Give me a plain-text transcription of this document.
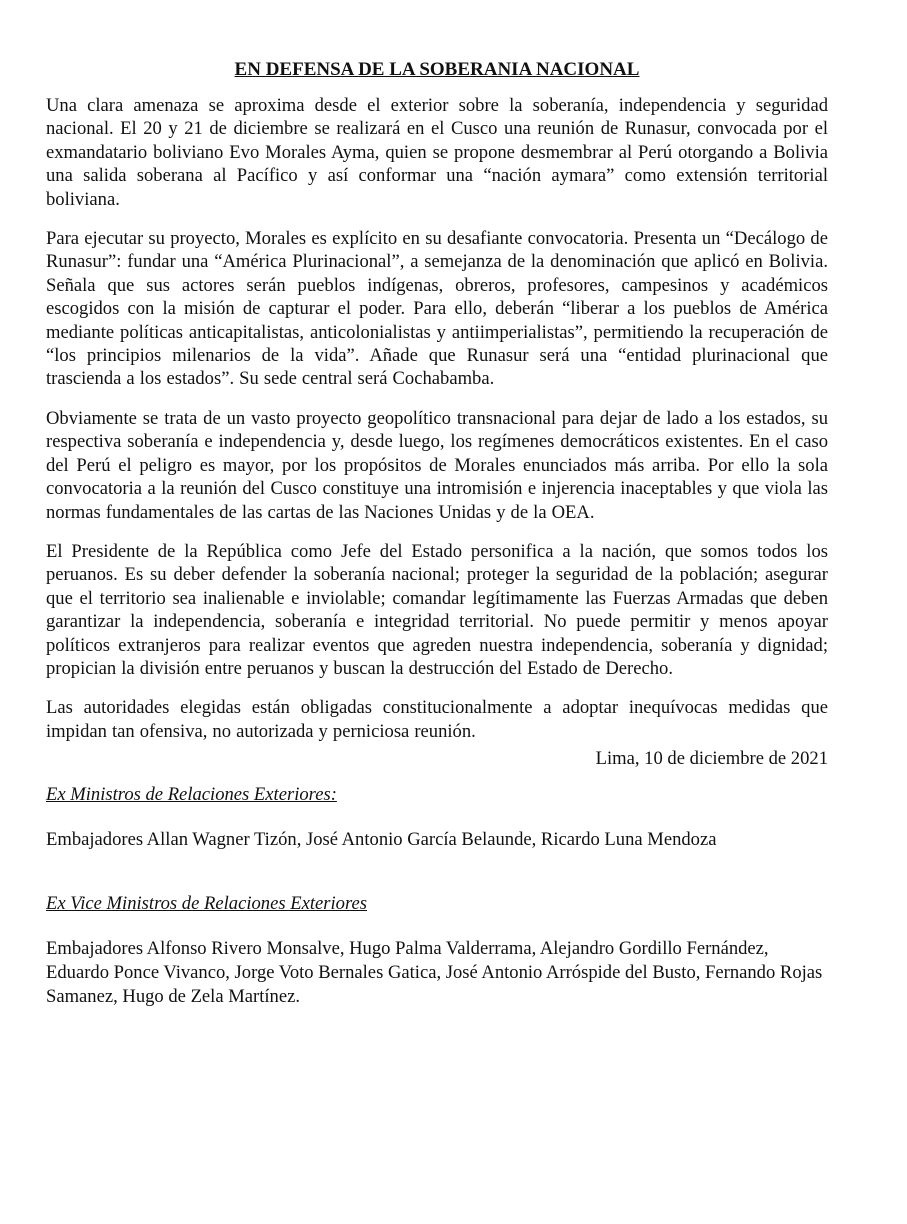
EN DEFENSA DE LA SOBERANIA NACIONAL

Una clara amenaza se aproxima desde el exterior sobre la soberanía, independencia y seguridad nacional. El 20 y 21 de diciembre se realizará en el Cusco una reunión de Runasur, convocada por el exmandatario boliviano Evo Morales Ayma, quien se propone desmembrar al Perú otorgando a Bolivia una salida soberana al Pacífico y así conformar una “nación aymara” como extensión territorial boliviana.

Para ejecutar su proyecto, Morales es explícito en su desafiante convocatoria. Presenta un “Decálogo de Runasur”: fundar una “América Plurinacional”, a semejanza de la denominación que aplicó en Bolivia. Señala que sus actores serán pueblos indígenas, obreros, profesores, campesinos y académicos escogidos con la misión de capturar el poder. Para ello, deberán “liberar a los pueblos de América mediante políticas anticapitalistas, anticolonialistas y antiimperialistas”, permitiendo la recuperación de “los principios milenarios de la vida”. Añade que Runasur será una “entidad plurinacional que trascienda a los estados”. Su sede central será Cochabamba.

Obviamente se trata de un vasto proyecto geopolítico transnacional para dejar de lado a los estados, su respectiva soberanía e independencia y, desde luego, los regímenes democráticos existentes. En el caso del Perú el peligro es mayor, por los propósitos de Morales enunciados más arriba. Por ello la sola convocatoria a la reunión del Cusco constituye una intromisión e injerencia inaceptables y que viola las normas fundamentales de las cartas de las Naciones Unidas y de la OEA.

El Presidente de la República como Jefe del Estado personifica a la nación, que somos todos los peruanos. Es su deber defender la soberanía nacional; proteger la seguridad de la población; asegurar que el territorio sea inalienable e inviolable; comandar legítimamente las Fuerzas Armadas que deben garantizar la independencia, soberanía e integridad territorial. No puede permitir y menos apoyar políticos extranjeros para realizar eventos que agreden nuestra independencia, soberanía y dignidad; propician la división entre peruanos y buscan la destrucción del Estado de Derecho.

Las autoridades elegidas están obligadas constitucionalmente a adoptar inequívocas medidas que impidan tan ofensiva, no autorizada y perniciosa reunión.

Lima, 10 de diciembre de 2021
Ex Ministros de Relaciones Exteriores:
Embajadores Allan Wagner Tizón, José Antonio García Belaunde, Ricardo Luna Mendoza
Ex Vice Ministros de Relaciones Exteriores
Embajadores Alfonso Rivero Monsalve, Hugo Palma Valderrama, Alejandro Gordillo Fernández, Eduardo Ponce Vivanco, Jorge Voto Bernales Gatica, José Antonio Arróspide del Busto, Fernando Rojas Samanez, Hugo de Zela Martínez.
